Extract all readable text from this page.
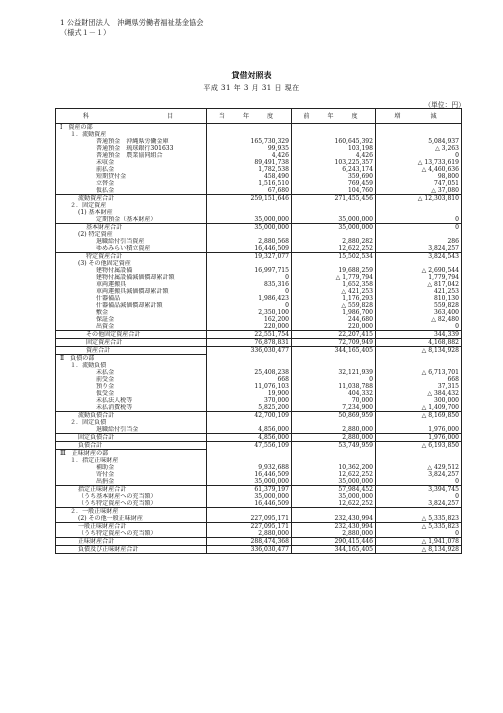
1 公益財団法人　沖縄県労働者福祉基金協会
（様式１－１）
貸借対照表
平成 31 年 3 月 31 日 現在
（単位：円）
科　　　　　　目	当　年　度	前　年　度	増　　減
Ⅰ　資産の部			
１．流動資産			
普通預金　沖縄県労働金庫	165,730,329	160,645,392	5,084,937
普通預金　琉球銀行301633	99,935	103,198	△ 3,263
普通預金　農業協同組合	4,426	4,426	0
未収金	89,491,738	103,225,357	△ 13,733,619
前払金	1,782,538	6,243,174	△ 4,460,636
短期貸付金	458,490	359,690	98,800
立替金	1,516,510	769,459	747,051
仮払金	67,680	104,760	△ 37,080
流動資産合計	259,151,646	271,455,456	△ 12,303,810
２．固定資産			
(1) 基本財産			
定期預金（基本財産）	35,000,000	35,000,000	0
基本財産合計	35,000,000	35,000,000	0
(2) 特定資産			
退職給付引当資産	2,880,568	2,880,282	286
ゆめみらい積立資産	16,446,509	12,622,252	3,824,257
特定資産合計	19,327,077	15,502,534	3,824,543
(3) その他固定資産			
建物付属設備	16,997,715	19,688,259	△ 2,690,544
建物付属設備減価償却累計額	0	△ 1,779,794	1,779,794
車両運搬具	835,316	1,652,358	△ 817,042
車両運搬具減価償却累計額	0	△ 421,253	421,253
什器備品	1,986,423	1,176,293	810,130
什器備品減価償却累計額	0	△ 559,828	559,828
敷金	2,350,100	1,986,700	363,400
保証金	162,200	244,680	△ 82,480
出資金	220,000	220,000	0
その他固定資産合計	22,551,754	22,207,415	344,339
固定資産合計	76,878,831	72,709,949	4,168,882
資産合計	336,030,477	344,165,405	△ 8,134,928
Ⅱ　負債の部			
１．流動負債			
未払金	25,408,238	32,121,939	△ 6,713,701
前受金	668	0	668
預り金	11,076,103	11,038,788	37,315
仮受金	19,900	404,332	△ 384,432
未払法人税等	370,000	70,000	300,000
未払消費税等	5,825,200	7,234,900	△ 1,409,700
流動負債合計	42,700,109	50,869,959	△ 8,169,850
２．固定負債			
退職給付引当金	4,856,000	2,880,000	1,976,000
固定負債合計	4,856,000	2,880,000	1,976,000
負債合計	47,556,109	53,749,959	△ 6,193,850
Ⅲ　正味財産の部			
１．指定正味財産			
補助金	9,932,688	10,362,200	△ 429,512
寄付金	16,446,509	12,622,252	3,824,257
出捐金	35,000,000	35,000,000	0
指定正味財産合計	61,379,197	57,984,452	3,394,745
（うち基本財産への充当額）	35,000,000	35,000,000	0
（うち特定資産への充当額）	16,446,509	12,622,252	3,824,257
２．一般正味財産			
(2) その他一般正味財産	227,095,171	232,430,994	△ 5,335,823
一般正味財産合計	227,095,171	232,430,994	△ 5,335,823
（うち特定資産への充当額）	2,880,000	2,880,000	0
正味財産合計	288,474,368	290,415,446	△ 1,941,078
負債及び正味財産合計	336,030,477	344,165,405	△ 8,134,928
